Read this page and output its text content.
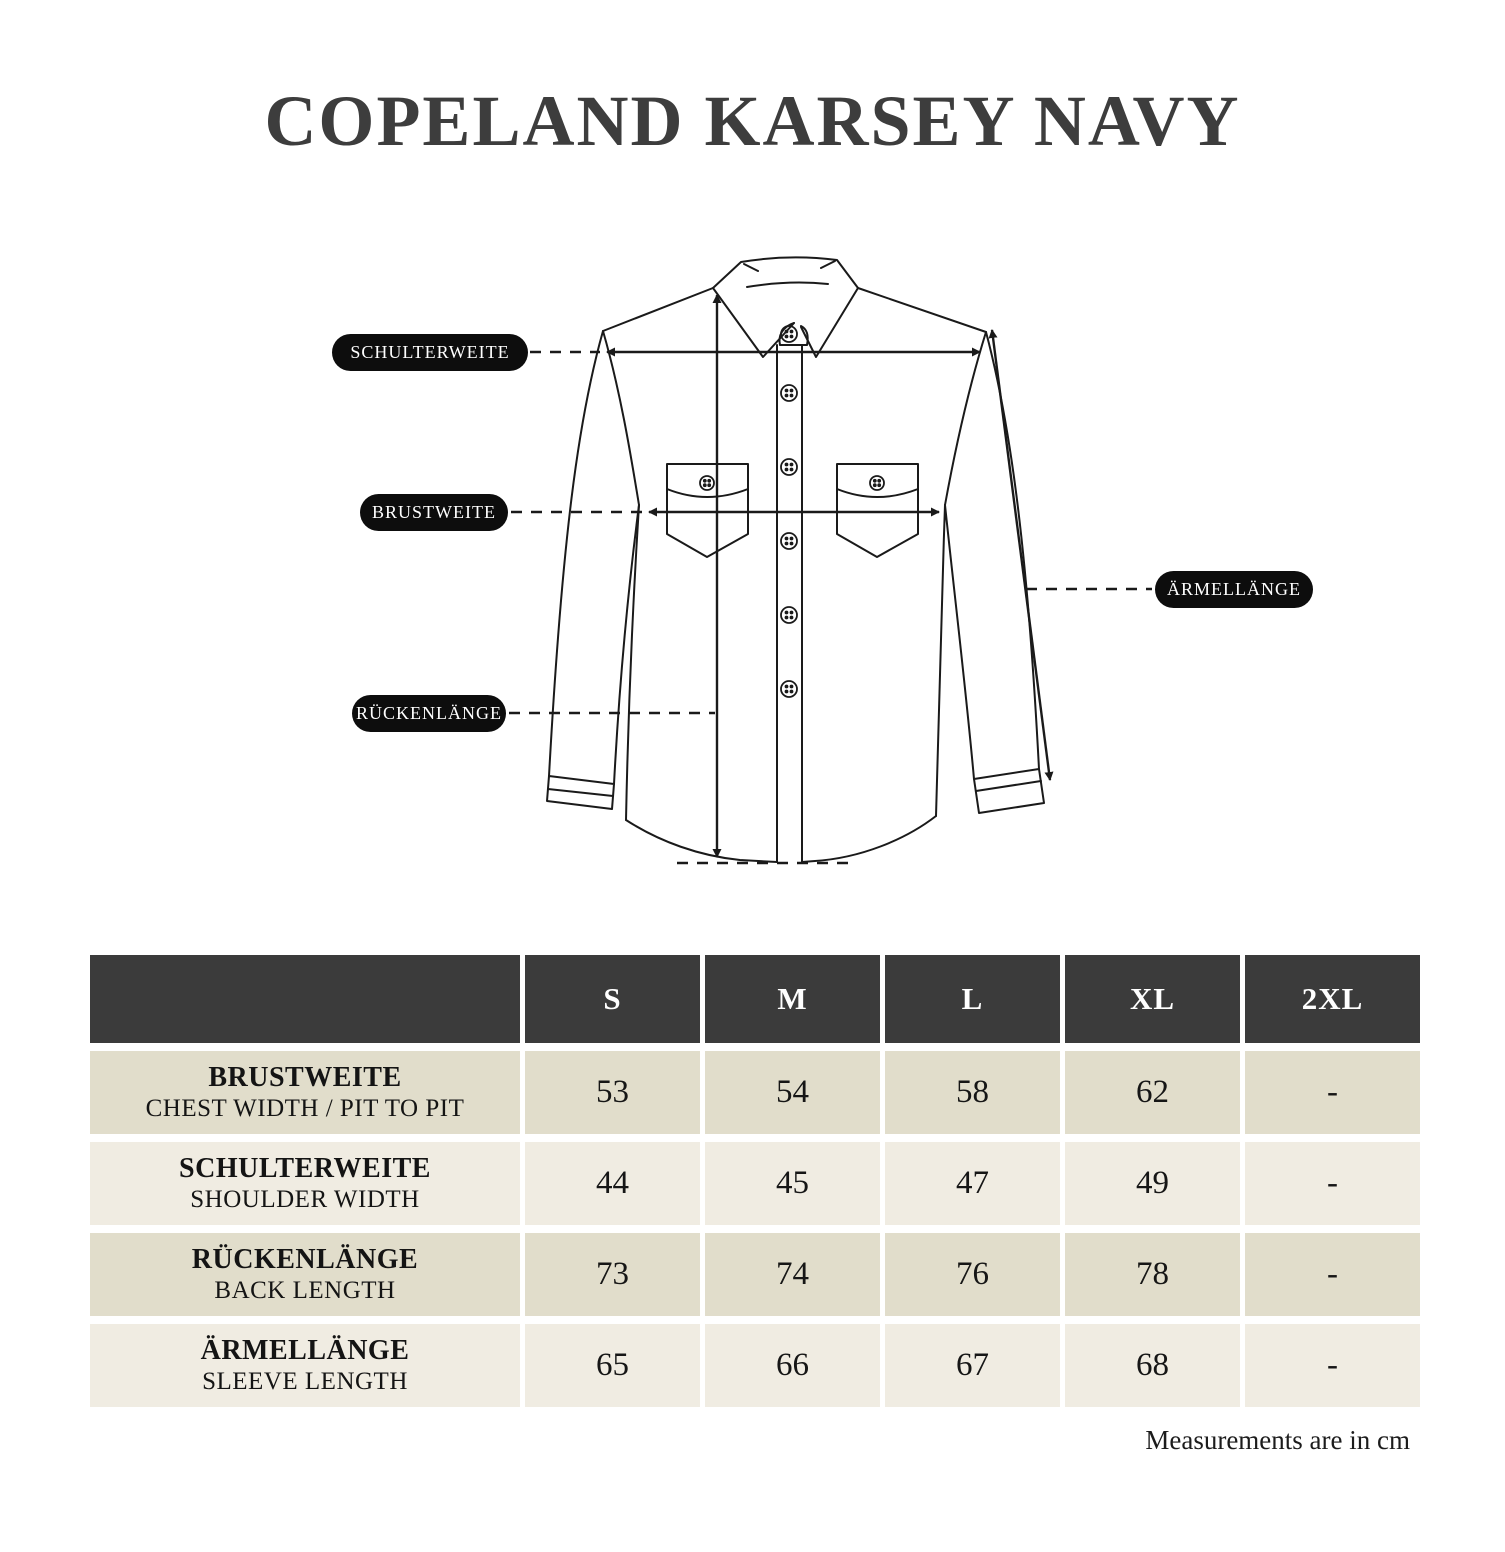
COPELAND KARSEY NAVY
SCHULTERWEITE
BRUSTWEITE
RÜCKENLÄNGE
ÄRMELLÄNGE
S	M	L	XL	2XL
BRUSTWEITE
CHEST WIDTH / PIT TO PIT	53	54	58	62	-
SCHULTERWEITE
SHOULDER WIDTH	44	45	47	49	-
RÜCKENLÄNGE
BACK LENGTH	73	74	76	78	-
ÄRMELLÄNGE
SLEEVE LENGTH	65	66	67	68	-
Measurements are in cm
